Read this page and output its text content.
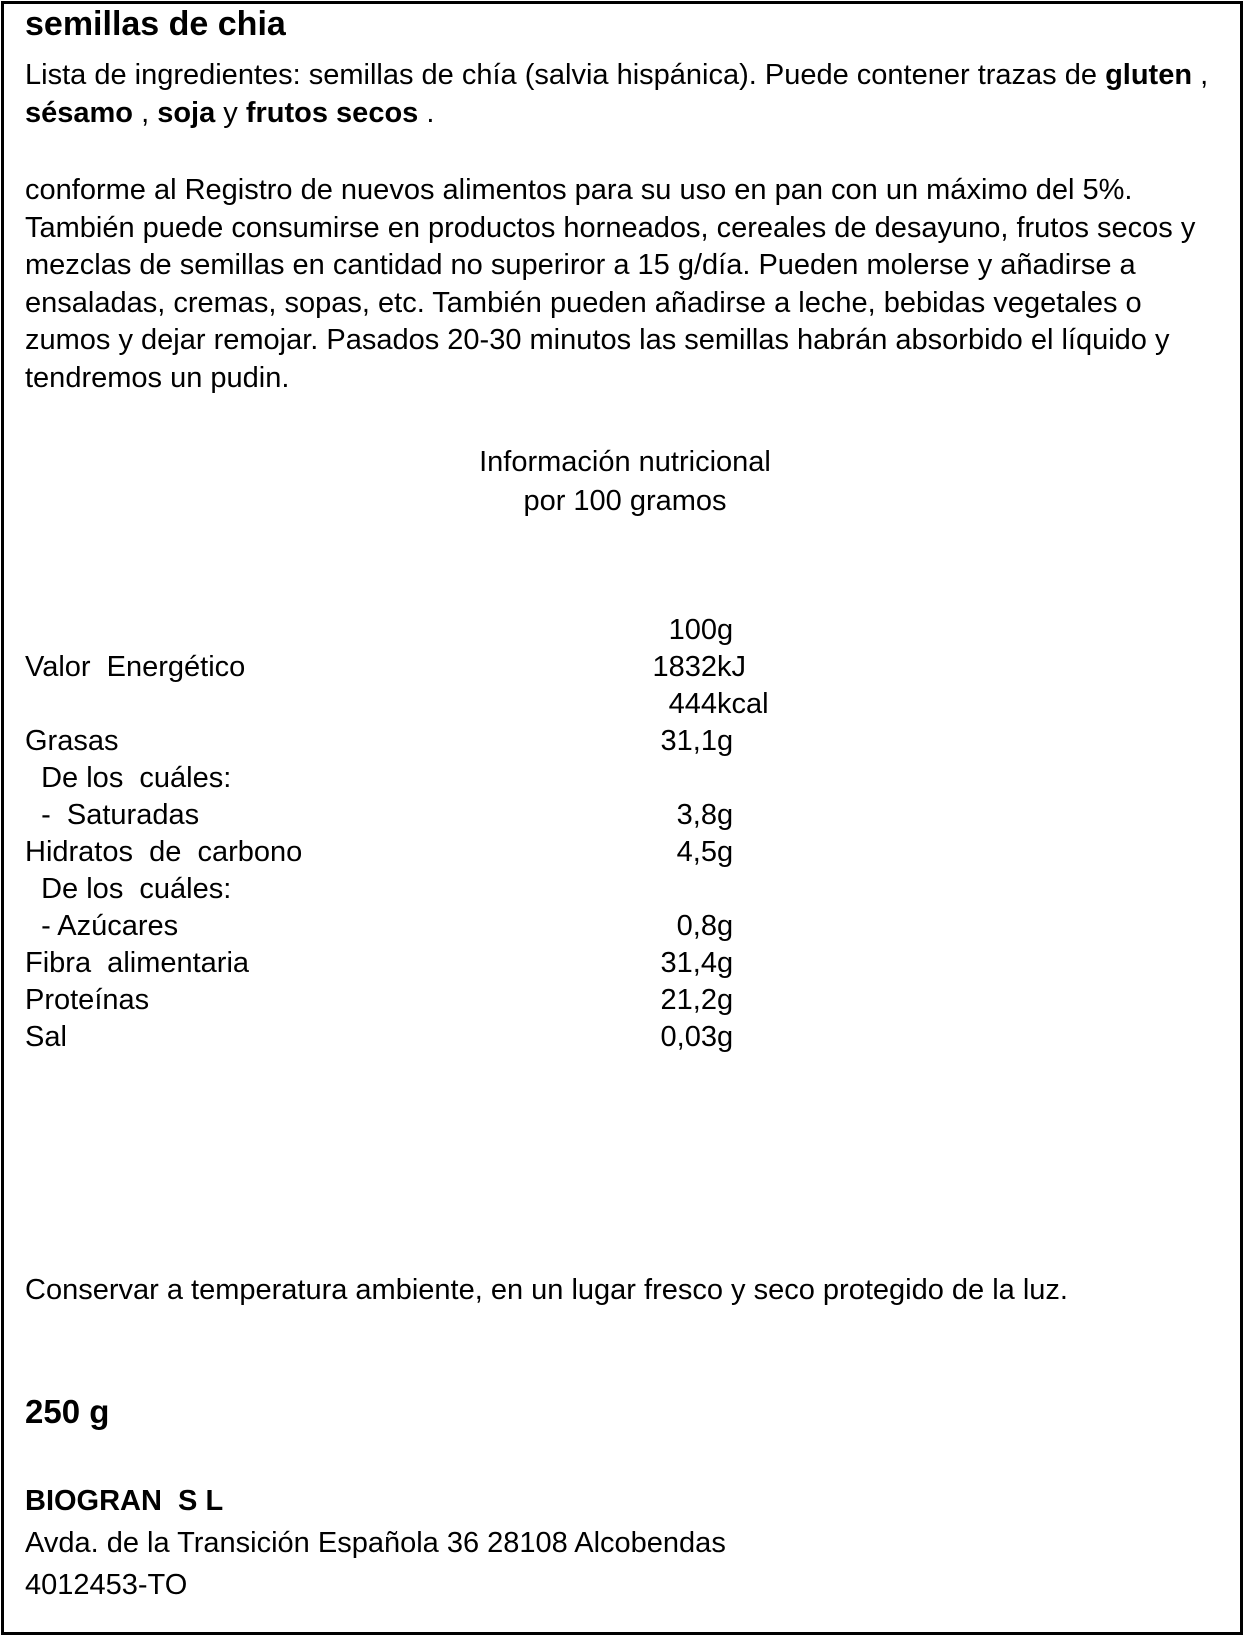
semillas de chia
Lista de ingredientes: semillas de chía (salvia hispánica). Puede contener trazas de gluten , sésamo , soja y frutos secos .
conforme al Registro de nuevos alimentos para su uso en pan con un máximo del 5%. También puede consumirse en productos horneados, cereales de desayuno, frutos secos y mezclas de semillas en cantidad no superiror a 15 g/día. Pueden molerse y añadirse a ensaladas, cremas, sopas, etc. También pueden añadirse a leche, bebidas vegetales o zumos y dejar remojar. Pasados 20-30 minutos las semillas habrán absorbido el líquido y tendremos un pudin.
Información nutricional
por 100 gramos
100 g
Valor  Energético	1832 kJ
444 kcal
Grasas	31,1 g
De los  cuáles:
-  Saturadas	3,8 g
Hidratos  de  carbono	4,5 g
De los  cuáles:
- Azúcares	0,8 g
Fibra  alimentaria	31,4 g
Proteínas	21,2 g
Sal	0,03 g
Conservar a temperatura ambiente, en un lugar fresco y seco protegido de la luz.
250 g
BIOGRAN  S L
Avda. de la Transición Española 36 28108 Alcobendas
4012453-TO
